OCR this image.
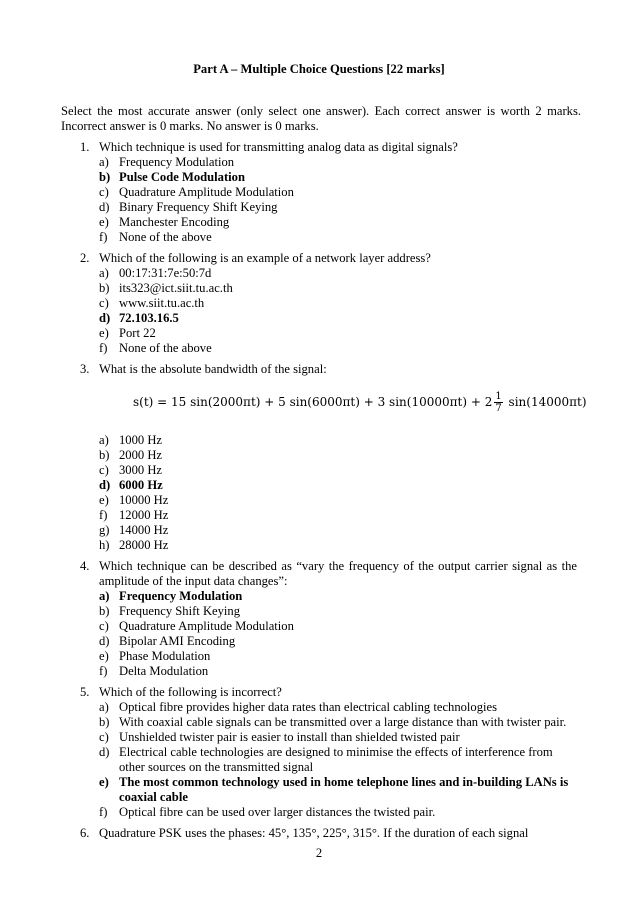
Part A – Multiple Choice Questions [22 marks]
Select the most accurate answer (only select one answer). Each correct answer is worth 2 marks. Incorrect answer is 0 marks. No answer is 0 marks.
1. Which technique is used for transmitting analog data as digital signals?
a) Frequency Modulation
b) Pulse Code Modulation
c) Quadrature Amplitude Modulation
d) Binary Frequency Shift Keying
e) Manchester Encoding
f) None of the above
2. Which of the following is an example of a network layer address?
a) 00:17:31:7e:50:7d
b) its323@ict.siit.tu.ac.th
c) www.siit.tu.ac.th
d) 72.103.16.5
e) Port 22
f) None of the above
3. What is the absolute bandwidth of the signal:
s(t) = 15 sin(2000πt) + 5 sin(6000πt) + 3 $\sin(10000\pi t) + 2 \frac{1}{7} \sin(14000\pi t)$
a) 1000 Hz
b) 2000 Hz
c) 3000 Hz
d) 6000 Hz
e) 10000 Hz
f) 12000 Hz
g) 14000 Hz
h) 28000 Hz
4. Which technique can be described as “vary the frequency of the output carrier signal as the amplitude of the input data changes”:
a) Frequency Modulation
b) Frequency Shift Keying
c) Quadrature Amplitude Modulation
d) Bipolar AMI Encoding
e) Phase Modulation
f) Delta Modulation
5. Which of the following is incorrect?
a) Optical fibre provides higher data rates than electrical cabling technologies
b) With coaxial cable signals can be transmitted over a large distance than with twister pair.
c) Unshielded twister pair is easier to install than shielded twisted pair
d) Electrical cable technologies are designed to minimise the effects of interference from other sources on the transmitted signal
e) The most common technology used in home telephone lines and in-building LANs is coaxial cable
f) Optical fibre can be used over larger distances the twisted pair.
6. Quadrature PSK uses the phases: 45°, 135°, 225°, 315°. If the duration of each signal
2
